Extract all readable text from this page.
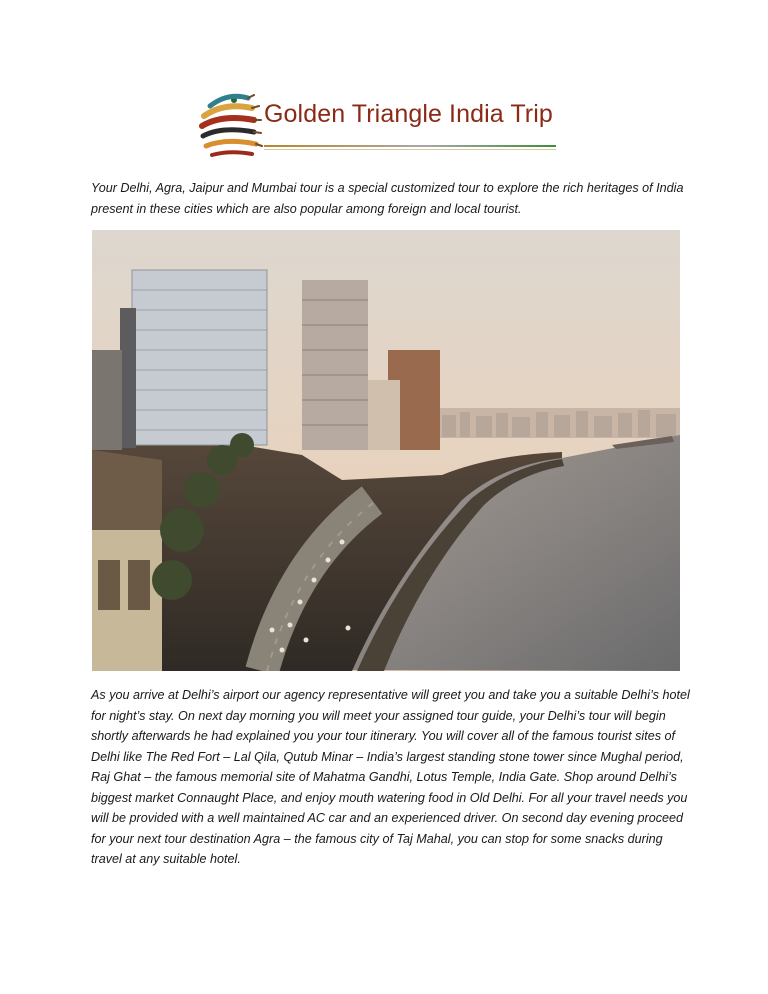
Golden Triangle India Trip

Your Delhi, Agra, Jaipur and Mumbai tour is a special customized tour to explore the rich heritages of India present in these cities which are also popular among foreign and local tourist.

As you arrive at Delhi’s airport our agency representative will greet you and take you a suitable Delhi’s hotel for night’s stay. On next day morning you will meet your assigned tour guide, your Delhi’s tour will begin shortly afterwards he had explained you your tour itinerary. You will cover all of the famous tourist sites of Delhi like The Red Fort – Lal Qila, Qutub Minar – India’s largest standing stone tower since Mughal period, Raj Ghat – the famous memorial site of Mahatma Gandhi, Lotus Temple, India Gate. Shop around Delhi’s biggest market Connaught Place, and enjoy mouth watering food in Old Delhi. For all your travel needs you will be provided with a well maintained AC car and an experienced driver. On second day evening proceed for your next tour destination Agra – the famous city of Taj Mahal, you can stop for some snacks during travel at any suitable hotel.
